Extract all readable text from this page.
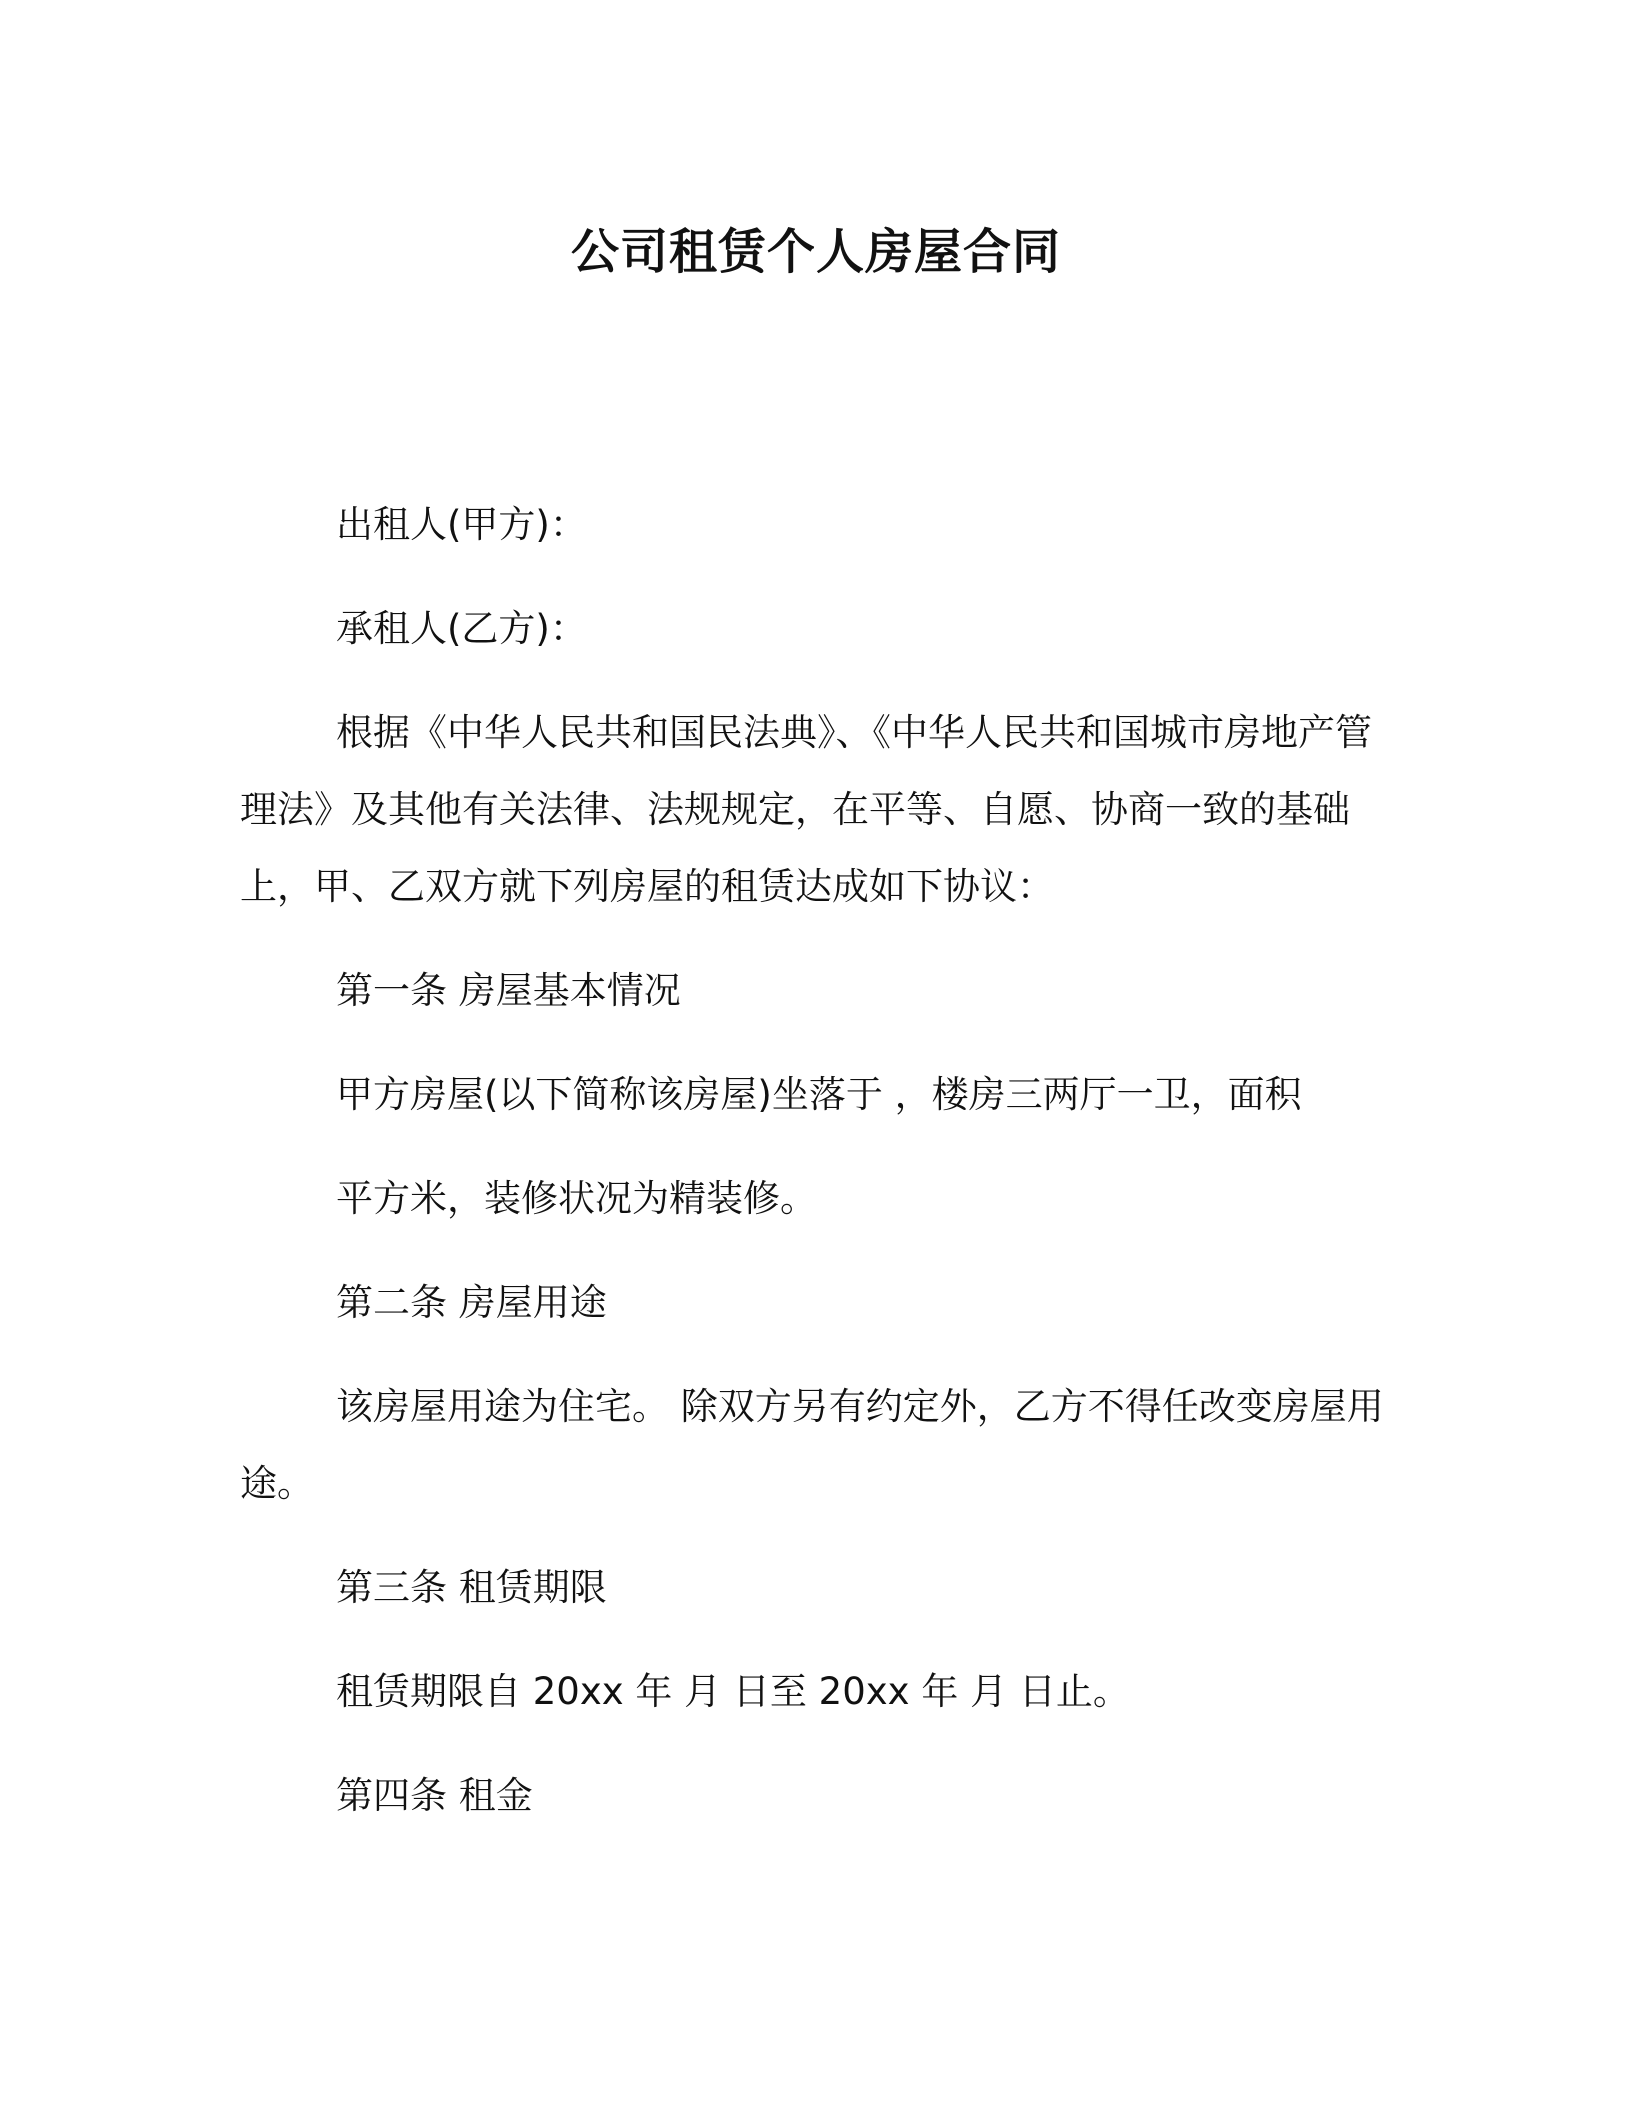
公司租赁个人房屋合同

出租人(甲方)：

承租人(乙方)：

根据《中华人民共和国民法典》、《中华人民共和国城市房地产管理法》及其他有关法律、法规规定，在平等、自愿、协商一致的基础上，甲、乙双方就下列房屋的租赁达成如下协议：

第一条 房屋基本情况

甲方房屋(以下简称该房屋)坐落于 ，楼房三两厅一卫，面积

平方米，装修状况为精装修。

第二条 房屋用途

该房屋用途为住宅。 除双方另有约定外，乙方不得任改变房屋用途。

第三条 租赁期限

租赁期限自 20xx 年 月 日至 20xx 年 月 日止。

第四条 租金
